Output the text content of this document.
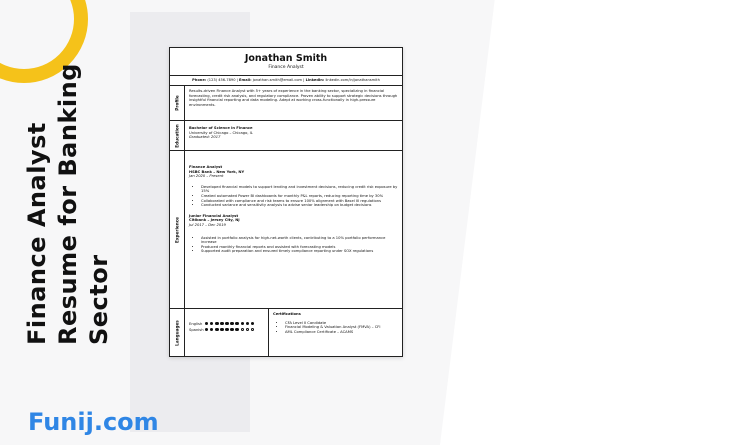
Finance Analyst Resume for Banking Sector
Funij.com
Jonathan Smith
Finance Analyst
Phone: (123) 456-7890 | Email: jonathan.smith@email.com | LinkedIn: linkedin.com/in/jonathansmith
Profile
Results-driven Finance Analyst with 5+ years of experience in the banking sector, specializing in financial forecasting, credit risk analysis, and regulatory compliance. Proven ability to support strategic decisions through insightful financial reporting and data modeling. Adept at working cross-functionally in high-pressure environments.
Education	Bachelor of Science in Finance
University of Chicago – Chicago, IL
Graduated: 2017
Experience
Finance Analyst
HSBC Bank – New York, NY
Jan 2020 – Present
• Developed financial models to support lending and investment decisions, reducing credit risk exposure by 15%
• Created automated Power BI dashboards for monthly P&L reports, reducing reporting time by 30%
• Collaborated with compliance and risk teams to ensure 100% alignment with Basel III regulations
• Conducted variance and sensitivity analysis to advise senior leadership on budget decisions
Junior Financial Analyst
Citibank – Jersey City, NJ
Jul 2017 – Dec 2019
• Assisted in portfolio analysis for high-net-worth clients, contributing to a 10% portfolio performance increase
• Produced monthly financial reports and assisted with forecasting models
• Supported audit preparation and ensured timely compliance reporting under SOX regulations
Languages	English
Spanish
Certifications
• CFA Level II Candidate
• Financial Modeling & Valuation Analyst (FMVA) – CFI
• AML Compliance Certificate – ACAMS
